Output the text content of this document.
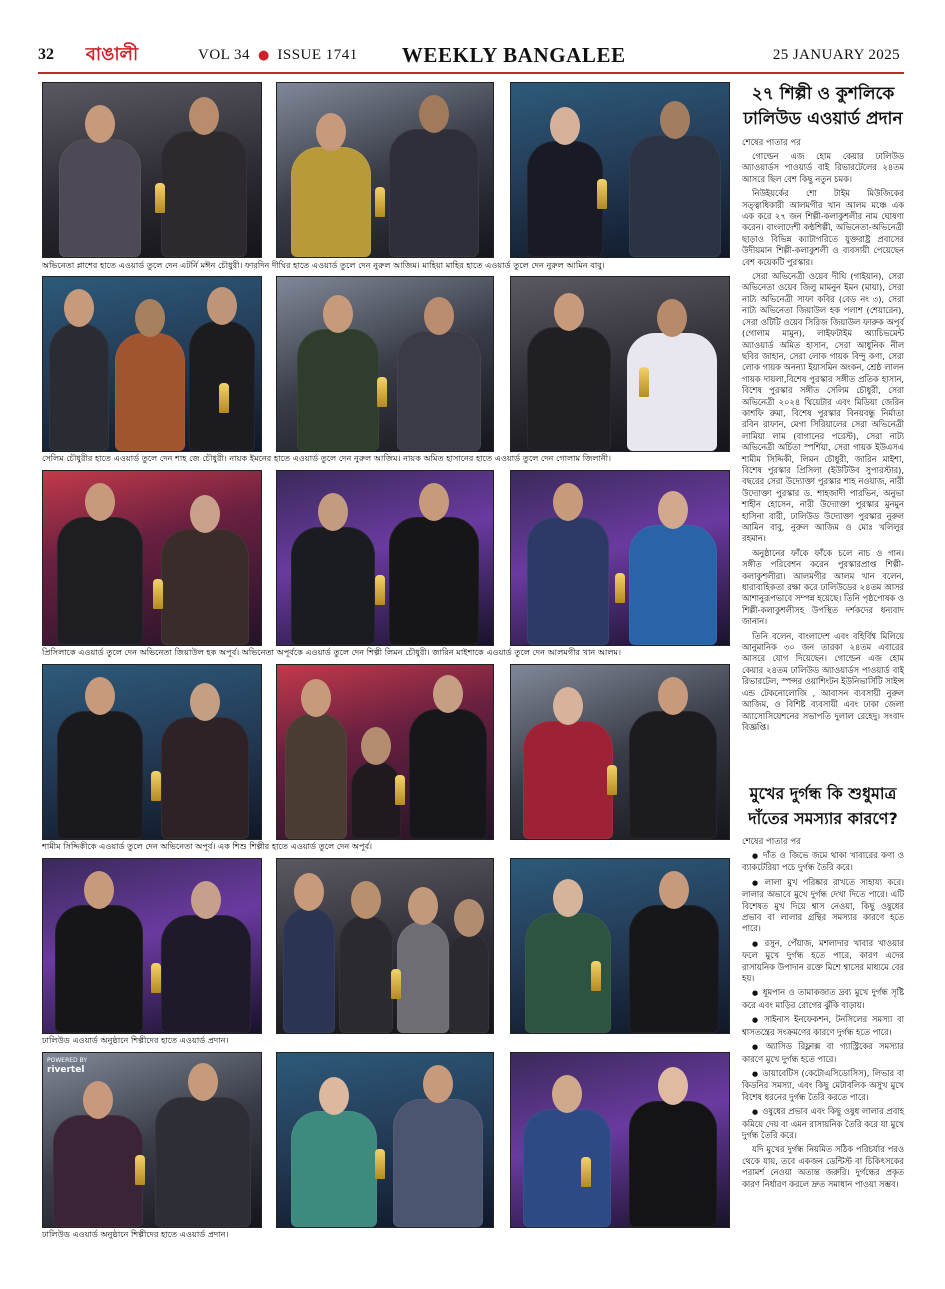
32	বাঙালী	VOL 34 ● ISSUE 1741 WEEKLY BANGALEE	25 JANUARY 2025
অভিনেতা প্লাশের হাতে এওয়ার্ড তুলে দেন এটর্নি মঈন চৌধুরী। ফারদিন দীঘির হাতে এওয়ার্ড তুলে দেন নুরুল আজিম। মাহিয়া মাহির হাতে এওয়ার্ড তুলে দেন নুরুল আমিন বাবু।
সেলিম চৌধুরীর হাতে এওয়ার্ড তুলে দেন শাহ জে চৌধুরী। নায়ক ইমনের হাতে এওয়ার্ড তুলে দেন নুরুল আজিম। নায়ক অমিত হাসানের হাতে এওয়ার্ড তুলে দেন গোলাম জিলানী।
প্রিসিলাকে এওয়ার্ড তুলে দেন অভিনেতা জিয়াউল হক অপূর্ব। অভিনেতা অপূর্বকে এওয়ার্ড তুলে দেন শিল্পী লিমন চৌধুরী। জারিন মাইশাকে এওয়ার্ড তুলে দেন আলমগীর খান আলম।
শামীম সিদ্দিকীকে এওয়ার্ড তুলে দেন অভিনেতা অপূর্ব। এক শিশু শিল্পীর হাতে এওয়ার্ড তুলে দেন অপূর্ব।
ঢালিউড এওয়ার্ড অনুষ্ঠানে শিল্পীদের হাতে এওয়ার্ড প্রদান।
POWERED BY
rivertel
ঢালিউড এওয়ার্ড অনুষ্ঠানে শিল্পীদের হাতে এওয়ার্ড প্রদান।
২৭ শিল্পী ও কুশলিকে
ঢালিউড এওয়ার্ড প্রদান
শেষের পাতার পর

গোল্ডেন এজ হোম কেয়ার ঢালিউড অ্যাওয়ার্ডস পাওয়ার্ড বাই রিভারটেলের ২৪তম আসরে ছিল বেশ কিছু নতুন চমক।

নিউইয়র্কের শো টাইম মিউজিকের সত্ত্বাধিকারী আলমগীর খান আলম মঞ্চে এক এক করে ২৭ জন শিল্পী-কলাকুশলীর নাম ঘোষণা করেন। বাংলাদেশী কন্ঠশিল্পী, অভিনেতা-অভিনেত্রী ছাড়াও বিভিন্ন ক্যাটাগরিতে যুক্তরাষ্ট্র প্রবাসের উদীয়মান শিল্পী-কলাকুশলী ও ব্যবসায়ী পেয়েছেন বেশ কয়েকটি পুরস্কার।

সেরা অভিনেত্রী ওয়েব দীঘি (গাইয়ান), সেরা অভিনেতা ওয়েব জিলু মামনুন ইমন (মায়া), সেরা নাট্য অভিনেত্রী সাফা কবির (বেড নং ৩), সেরা নাট্য অভিনেতা জিয়াউল হক পলাশ (শেয়ারেন), সেরা ওটিটি ওয়েব সিরিজ জিয়াউল ফারুক অপূর্ব (গোলাম মামুন), লাইফটাইম অ্যাচিভমেন্ট অ্যাওয়ার্ড অমিত হাসান, সেরা আধুনিক নীল ছবির জাহান, সেরা লোক গায়ক বিন্দু কণা, সেরা লোক গায়ক অনন্যা ইয়াসমিন অংকন, শ্রেষ্ঠ লালন গায়ক দায়লা,বিশেষ পুরস্কার সঙ্গীত প্রতিক হাসান, বিশেষ পুরস্কার সঙ্গীত সেলিম চৌধুরী, সেরা অভিনেত্রী ২০২৪ থিয়েটার এবং মিডিয়া জেরিন কাশফি রুমা, বিশেষ পুরস্কার বিনয়বন্ধু নির্মাতা রবিন রাফান, মেগা সিরিয়ালের সেরা অভিনেত্রী লামিয়া লাম (বাগানের পরেস্ট), সেরা নাট্য অভিনেত্রী অর্চিতা স্পর্শিয়া, সেরা গায়ক ইউএসএ শামীম সিদ্দিকী, লিমন চৌধুরী, জারিন মাইশা, বিশেষ পুরস্কার প্রিসিলা (ইউটিউব সুপারস্টার), বছরের সেরা উদ্যোক্তা পুরস্কার শাহ নওয়াজ, নারী উদ্যোক্তা পুরস্কার ড. শাহজাদী পারভিন, অনুভা শাহীন হোসেন, নারী উদ্যোক্তা পুরস্কার মুনমুন হাসিনা বারী, ঢালিউড উদ্যোক্তা পুরস্কার নুরুল আমিন বাবু, নুরুল আজিম ও মোঃ খলিলুর রহমান।

অনুষ্ঠানের ফাঁকে ফাঁকে চলে নাচ ও গান। সঙ্গীত পরিবেশন করেন পুরস্কারপ্রাপ্ত শিল্পী-কলাকুশলীরা। আলমগীর আলম খান বলেন, ধারাবাহিকতা রক্ষা করে ঢালিউডের ২৪তম আসর আশানুরূপভাবে সম্পন্ন হয়েছে। তিনি পৃষ্ঠপোষক ও শিল্পী-কলাকুশলীসহ উপস্থিত দর্শকদের ধন্যবাদ জানান।

তিনি বলেন, বাংলাদেশ এবং বহির্বিশ্ব মিলিয়ে আনুমানিক ৩০ জন তারকা ২৪তম এবারের আসরে যোগ দিয়েছেন। গোল্ডেন এজ হোম কেয়ার ২৪তম ঢালিউড অ্যাওয়ার্ডস পাওয়ার্ড বাই রিভারটেল, স্পন্সর ওয়াশিংটন ইউনিভার্সিটি সাইন্স এন্ড টেকনোলোজি , আবাসন ব্যবসায়ী নুরুল আজিম, ও বিশিষ্ট ব্যবসায়ী এবং ঢাকা জেলা অ্যাসোসিয়েশনের সভাপতি দুলাল রেহেদু। সংবাদ বিজ্ঞপ্তি।

মুখের দুর্গন্ধ কি শুধুমাত্র
দাঁতের সমস্যার কারণে?
শেষের পাতার পর

● দাঁত ও জিভে জমে থাকা খাবারের কণা ও ব্যাকটেরিয়া পচে দুর্গন্ধ তৈরি করে।

● লালা মুখ পরিষ্কার রাখতে সাহায্য করে। লালার অভাবে মুখে দুর্গন্ধ দেখা দিতে পারে। এটি বিশেষত মুখ দিয়ে শ্বাস নেওয়া, কিছু ওষুধের প্রভাব বা লালার গ্রন্থির সমস্যার কারণে হতে পারে।

● রসুন, পেঁয়াজ, মশলাদার খাবার খাওয়ার ফলে মুখে দুর্গন্ধ হতে পারে, কারণ এদের রাসায়নিক উপাদান রক্তে মিশে শ্বাসের মাধ্যমে বের হয়।

● ধূমপান ও তামাকজাত দ্রব্য মুখে দুর্গন্ধ সৃষ্টি করে এবং মাড়ির রোগের ঝুঁকি বাড়ায়।

● সাইনাস ইনফেকশন, টনসিলের সমস্যা বা শ্বাসতন্ত্রের সংক্রমণের কারণে দুর্গন্ধ হতে পারে।

● অ্যাসিড রিফ্লাক্স বা গ্যাস্ট্রিকের সমস্যার কারণে মুখে দুর্গন্ধ হতে পারে।

● ডায়াবেটিস (কেটোএসিডোসিস), লিভার বা কিডনির সমস্যা, এবং কিছু মেটাবলিক অসুখ মুখে বিশেষ ধরনের দুর্গন্ধ তৈরি করতে পারে।

● ওষুধের প্রভাব এবং কিছু ওষুধ লালার প্রবাহ কমিয়ে দেয় বা এমন রাসায়নিক তৈরি করে যা মুখে দুর্গন্ধ তৈরি করে।

যদি মুখের দুর্গন্ধ নিয়মিত সঠিক পরিচর্যার পরও থেকে যায়, তবে একজন ডেন্টিস্ট বা চিকিৎসকের পরামর্শ নেওয়া অত্যন্ত জরুরি। দুর্গন্ধের প্রকৃত কারণ নির্ধারণ করলে দ্রুত সমাধান পাওয়া সম্ভব।
